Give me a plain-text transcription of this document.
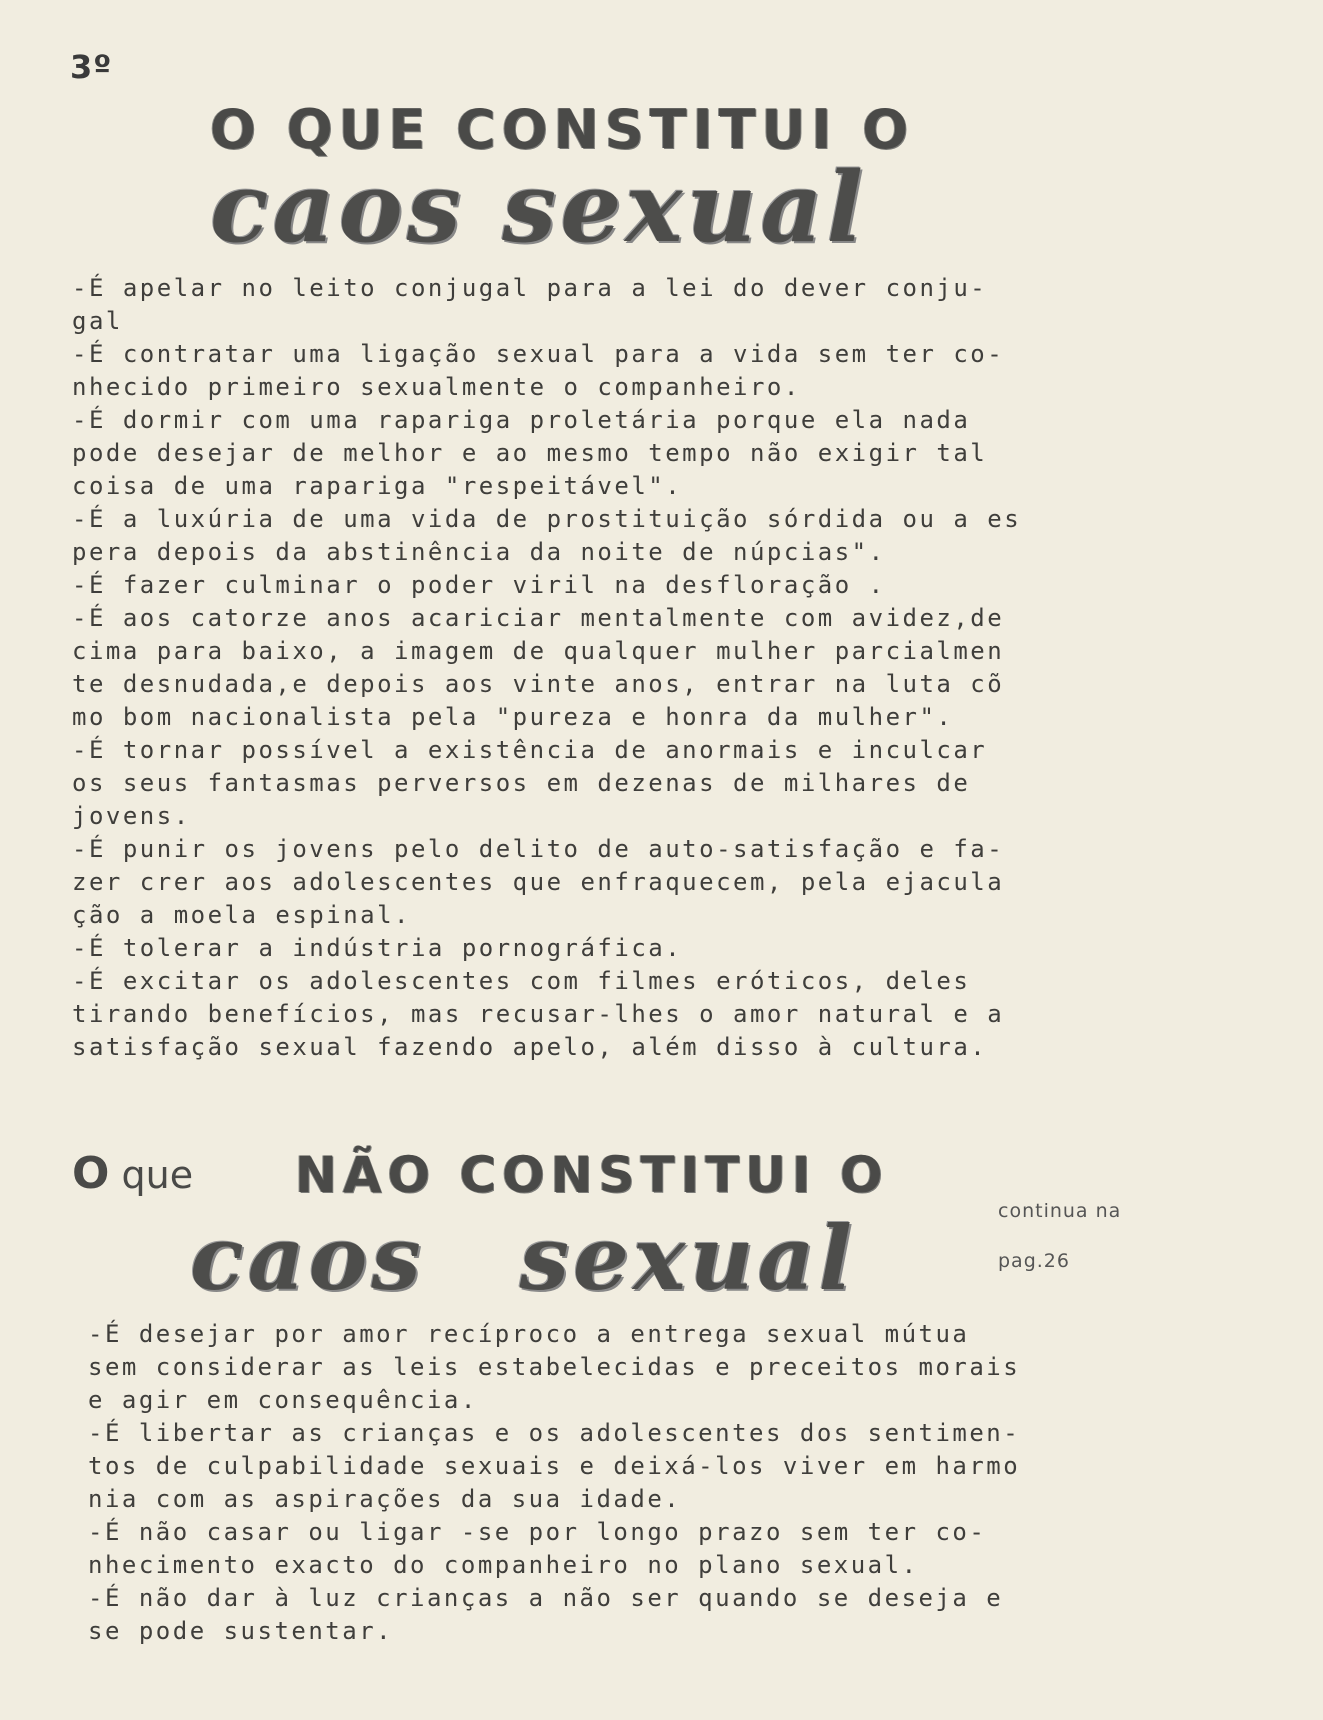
3º
O QUE CONSTITUI O
caos sexual
-É apelar no leito conjugal para a lei do dever conju-
gal
-É contratar uma ligação sexual para a vida sem ter co-
nhecido primeiro sexualmente o companheiro.
-É dormir com uma rapariga proletária porque ela nada
pode desejar de melhor e ao mesmo tempo não exigir tal
coisa de uma rapariga "respeitável".
-É a luxúria de uma vida de prostituição sórdida ou a es
pera depois da abstinência da noite de núpcias".
-É fazer culminar o poder viril na desfloração .
-É aos catorze anos acariciar mentalmente com avidez,de
cima para baixo, a imagem de qualquer mulher parcialmen
te desnudada,e depois aos vinte anos, entrar na luta cõ
mo bom nacionalista pela "pureza e honra da mulher".
-É tornar possível a existência de anormais e inculcar
os seus fantasmas perversos em dezenas de milhares de
jovens.
-É punir os jovens pelo delito de auto-satisfação e fa-
zer crer aos adolescentes que enfraquecem, pela ejacula
ção a moela espinal.
-É tolerar a indústria pornográfica.
-É excitar os adolescentes com filmes eróticos, deles
tirando benefícios, mas recusar-lhes o amor natural e a
satisfação sexual fazendo apelo, além disso à cultura.
O que NÃO CONSTITUI O
caos sexual	continua na
pag.26
-É desejar por amor recíproco a entrega sexual mútua
sem considerar as leis estabelecidas e preceitos morais
e agir em consequência.
-É libertar as crianças e os adolescentes dos sentimen-
tos de culpabilidade sexuais e deixá-los viver em harmo
nia com as aspirações da sua idade.
-É não casar ou ligar -se por longo prazo sem ter co-
nhecimento exacto do companheiro no plano sexual.
-É não dar à luz crianças a não ser quando se deseja e
se pode sustentar.
